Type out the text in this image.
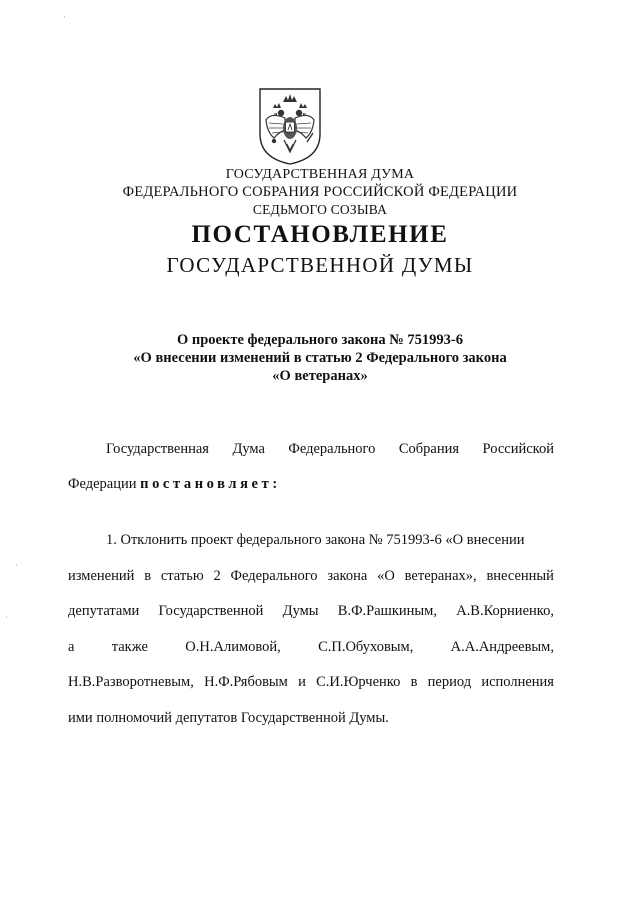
·
·
·
ГОСУДАРСТВЕННАЯ ДУМА
ФЕДЕРАЛЬНОГО СОБРАНИЯ РОССИЙСКОЙ ФЕДЕРАЦИИ
СЕДЬМОГО СОЗЫВА
ПОСТАНОВЛЕНИЕ
ГОСУДАРСТВЕННОЙ ДУМЫ
О проекте федерального закона № 751993-6
«О внесении изменений в статью 2 Федерального закона
«О ветеранах»
Государственная Дума Федерального Собрания Российской
Федерации постановляет:
1. Отклонить проект федерального закона № 751993-6 «О внесении
изменений в статью 2 Федерального закона «О ветеранах», внесенный
депутатами Государственной Думы В.Ф.Рашкиным, А.В.Корниенко,
а	также	О.Н.Алимовой,	С.П.Обуховым,	А.А.Андреевым,
Н.В.Разворотневым, Н.Ф.Рябовым и С.И.Юрченко в период исполнения
ими полномочий депутатов Государственной Думы.
